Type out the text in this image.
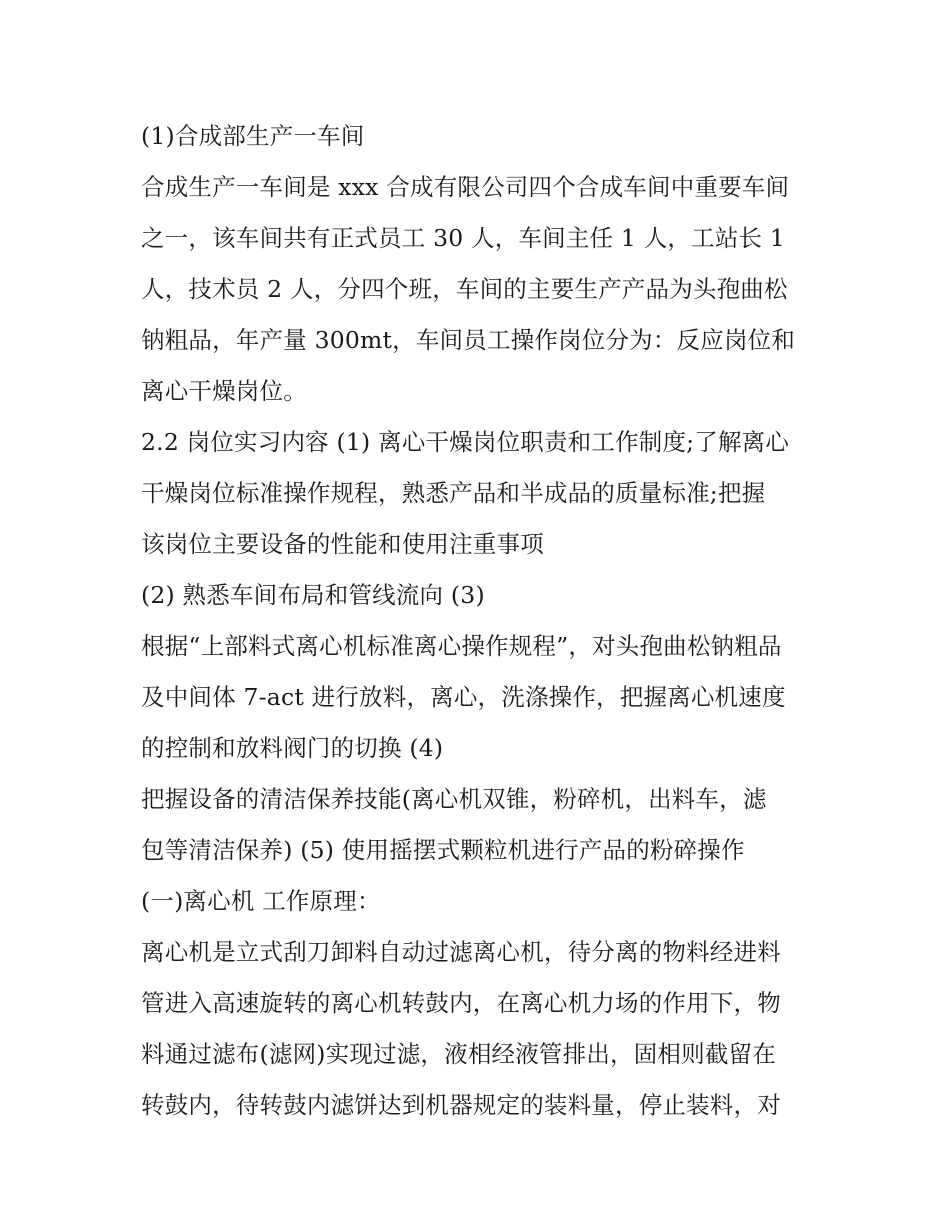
(1)合成部生产一车间
合成生产一车间是 xxx 合成有限公司四个合成车间中重要车间
之一，该车间共有正式员工 30 人，车间主任 1 人，工站长 1
人，技术员 2 人，分四个班，车间的主要生产产品为头孢曲松
钠粗品，年产量 300mt，车间员工操作岗位分为：反应岗位和
离心干燥岗位。
2.2 岗位实习内容 (1) 离心干燥岗位职责和工作制度;了解离心
干燥岗位标准操作规程，熟悉产品和半成品的质量标准;把握
该岗位主要设备的性能和使用注重事项
(2) 熟悉车间布局和管线流向 (3)
根据“上部料式离心机标准离心操作规程”，对头孢曲松钠粗品
及中间体 7-act 进行放料，离心，洗涤操作，把握离心机速度
的控制和放料阀门的切换 (4)
把握设备的清洁保养技能(离心机双锥，粉碎机，出料车，滤
包等清洁保养) (5) 使用摇摆式颗粒机进行产品的粉碎操作
(一)离心机 工作原理：
离心机是立式刮刀卸料自动过滤离心机，待分离的物料经进料
管进入高速旋转的离心机转鼓内，在离心机力场的作用下，物
料通过滤布(滤网)实现过滤，液相经液管排出，固相则截留在
转鼓内，待转鼓内滤饼达到机器规定的装料量，停止装料，对
